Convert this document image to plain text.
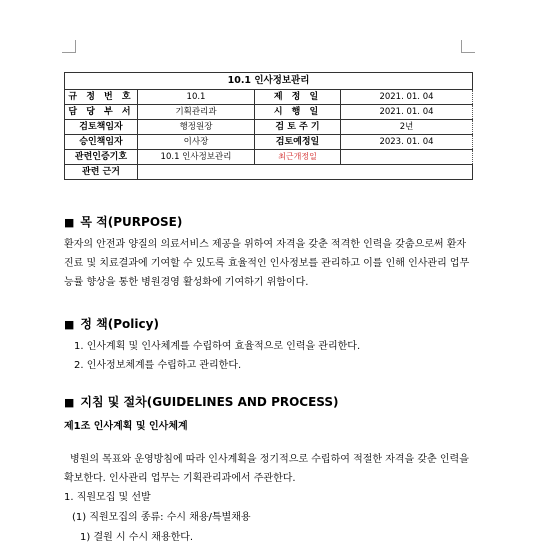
10.1 인사정보관리			
규 정 번 호	10.1	제 정 일	2021. 01. 04
담 당 부 서	기획관리과	시 행 일	2021. 01. 04
검토책임자	행정원장	검 토 주 기	2년
승인책임자	이사장	검토예정일	2023. 01. 04
관련인증기호	10.1 인사정보관리	최근개정일	
관련 근거			
■ 목 적(PURPOSE)
환자의 안전과 양질의 의료서비스 제공을 위하여 자격을 갖춘 적격한 인력을 갖춤으로써 환자진료 및 치료결과에 기여할 수 있도록 효율적인 인사정보를 관리하고 이를 인해 인사관리 업무능률 향상을 통한 병원경영 활성화에 기여하기 위함이다.
■ 정 책(Policy)
1. 인사계획 및 인사체계를 수립하여 효율적으로 인력을 관리한다.
2. 인사정보체계를 수립하고 관리한다.
■ 지침 및 절차(GUIDELINES AND PROCESS)
제1조 인사계획 및 인사체계
병원의 목표와 운영방침에 따라 인사계획을 정기적으로 수립하여 적절한 자격을 갖춘 인력을 확보한다. 인사관리 업무는 기획관리과에서 주관한다.
1. 직원모집 및 선발
(1) 직원모집의 종류: 수시 채용/특별채용
1) 결원 시 수시 채용한다.
